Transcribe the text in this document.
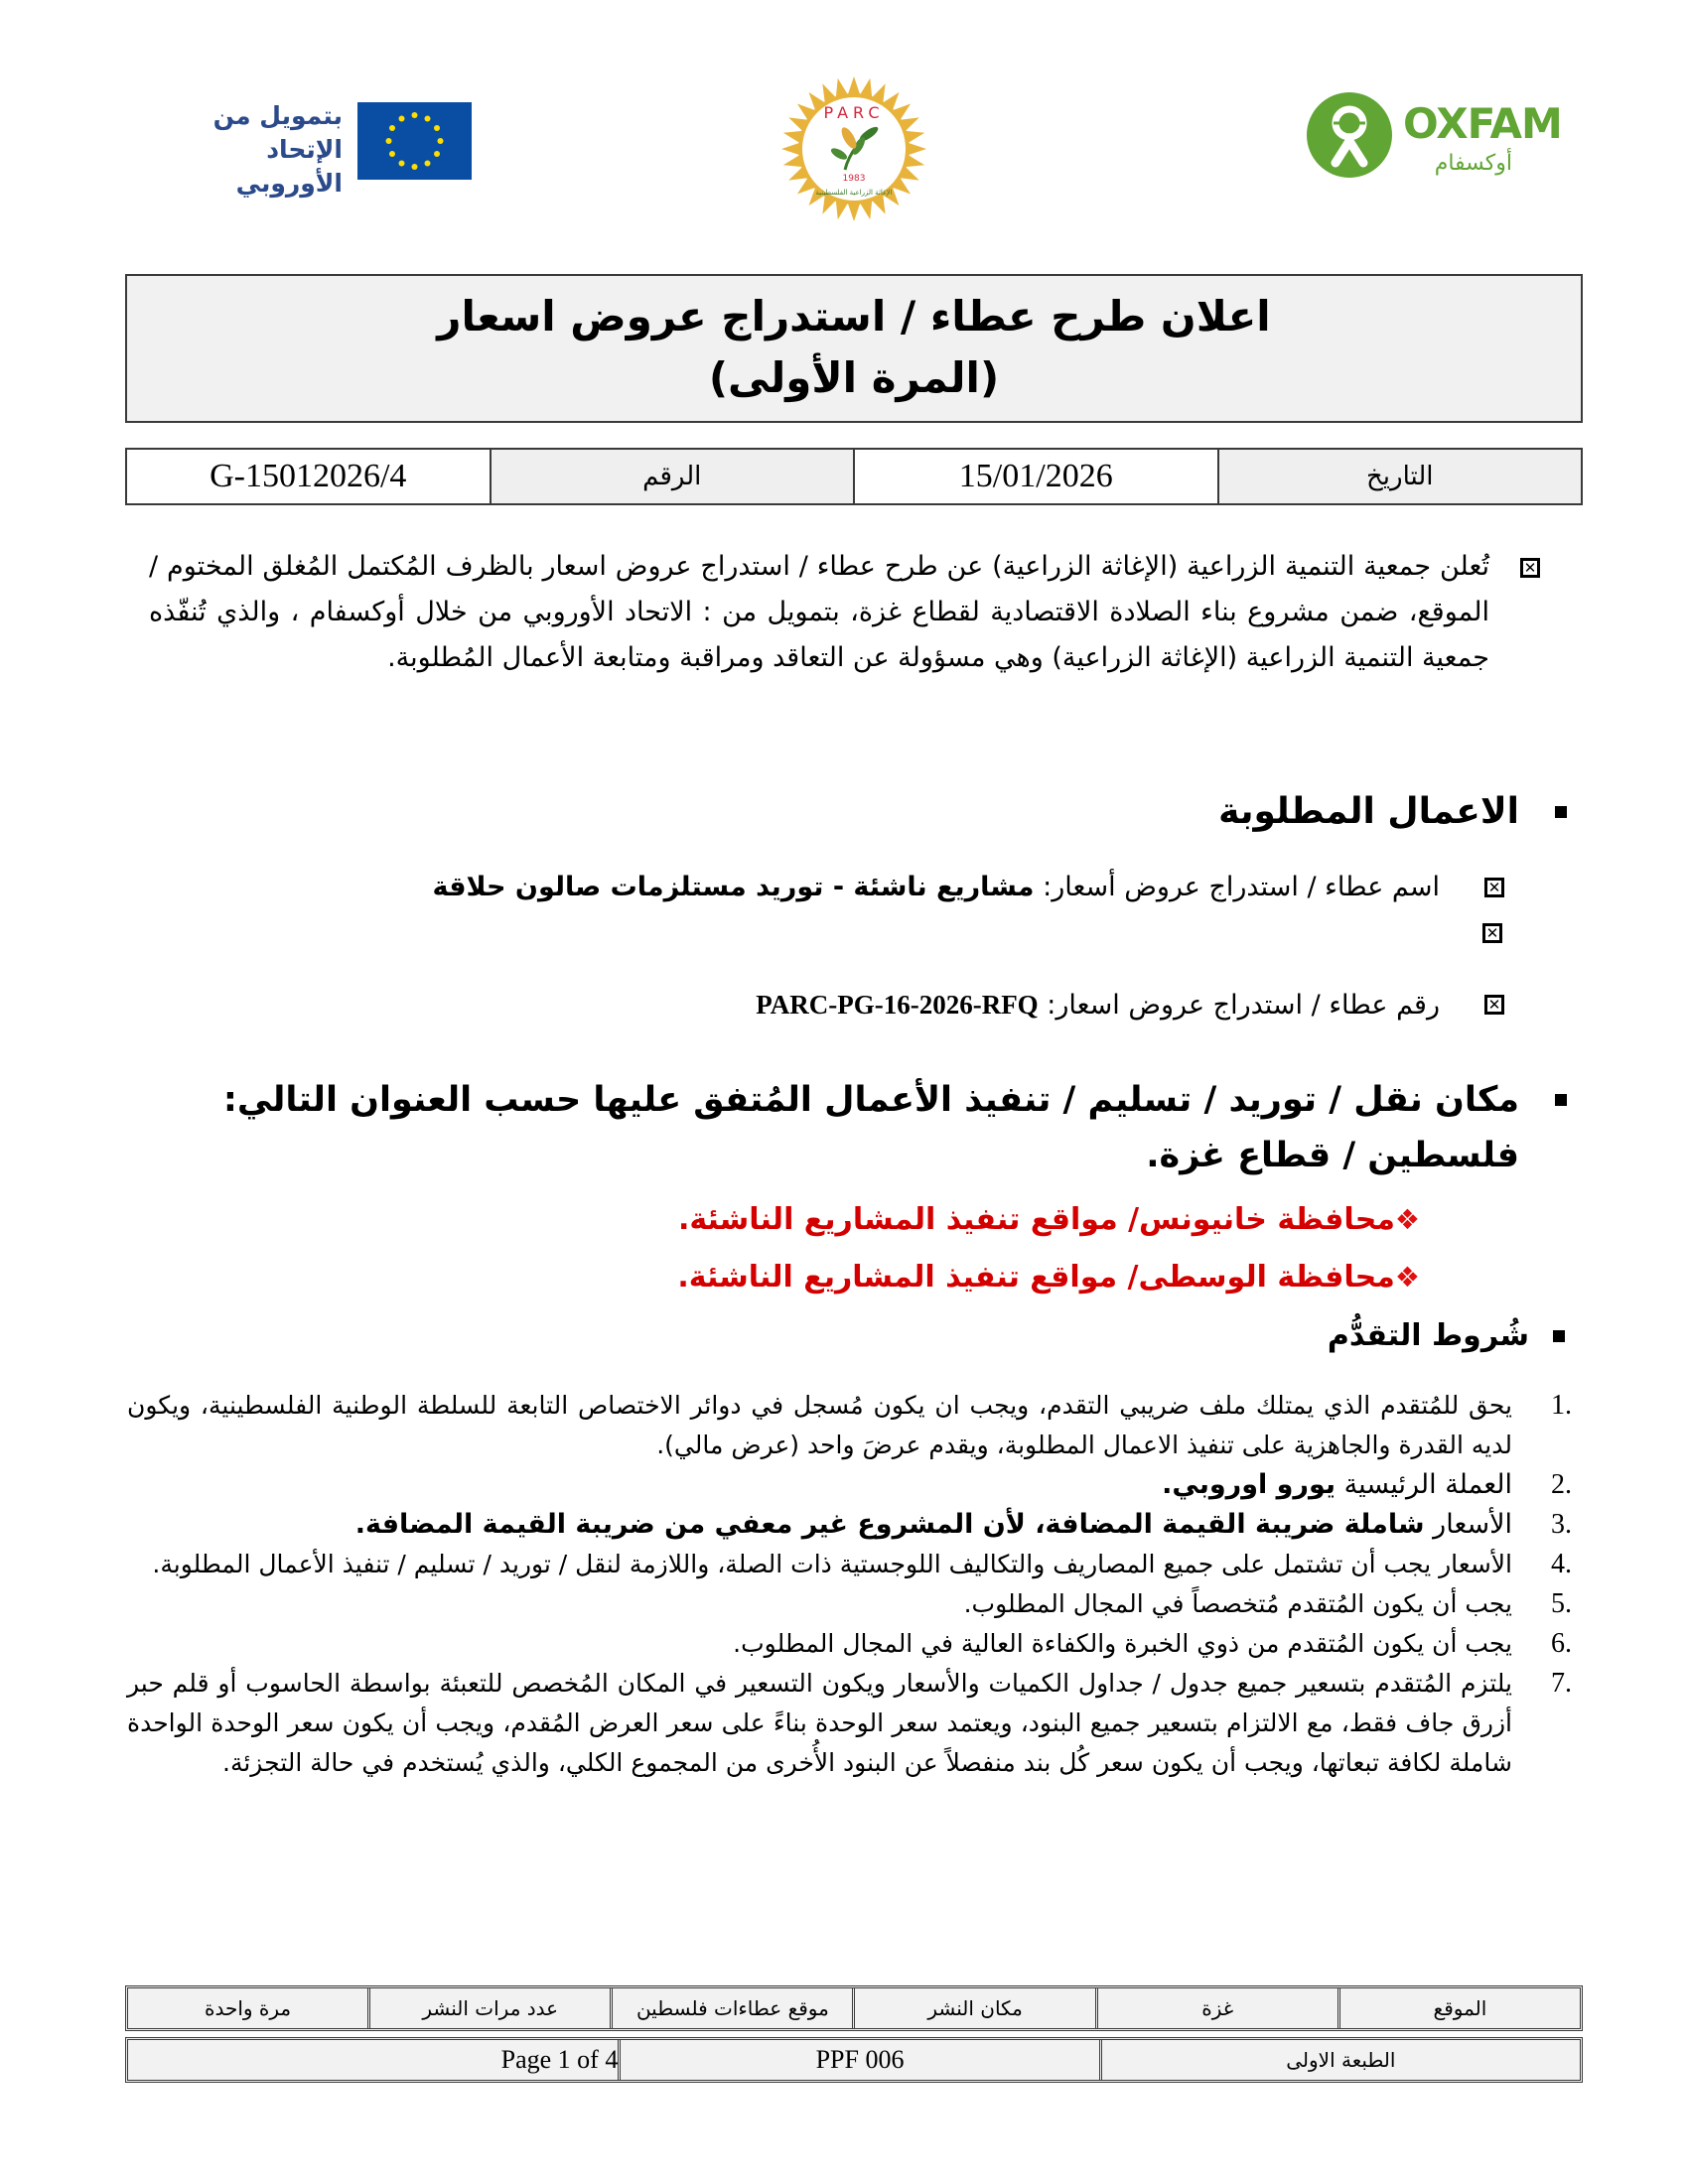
بتمويل من
الإتحاد الأوروبي
PARC
1983
الإغاثة الزراعية الفلسطينية
OXFAM
أوكسفام
اعلان طرح عطاء / استدراج عروض اسعار
(المرة الأولى)
التاريخ
15/01/2026
الرقم
G-15012026/4
✕

تُعلن جمعية التنمية الزراعية (الإغاثة الزراعية) عن طرح عطاء / استدراج عروض اسعار بالظرف المُكتمل المُغلق المختوم / الموقع، ضمن مشروع بناء الصلادة الاقتصادية لقطاع غزة، بتمويل من : الاتحاد الأوروبي من خلال أوكسفام ، والذي تُنفّذه جمعية التنمية الزراعية (الإغاثة الزراعية) وهي مسؤولة عن التعاقد ومراقبة ومتابعة الأعمال المُطلوبة.

الاعمال المطلوبة
✕
اسم عطاء / استدراج عروض أسعار: مشاريع ناشئة - توريد مستلزمات صالون حلاقة
✕
✕
رقم عطاء / استدراج عروض اسعار: PARC-PG-16-2026-RFQ
مكان نقل / توريد / تسليم / تنفيذ الأعمال المُتفق عليها حسب العنوان التالي:
فلسطين / قطاع غزة.
❖محافظة خانيونس/ مواقع تنفيذ المشاريع الناشئة.
❖محافظة الوسطى/ مواقع تنفيذ المشاريع الناشئة.
شُروط التقدُّم
1.
يحق للمُتقدم الذي يمتلك ملف ضريبي التقدم، ويجب ان يكون مُسجل في دوائر الاختصاص التابعة للسلطة الوطنية الفلسطينية، ويكون لديه القدرة والجاهزية على تنفيذ الاعمال المطلوبة، ويقدم عرضَ واحد (عرض مالي).
2.
العملة الرئيسية يورو اوروبي.
3.
الأسعار شاملة ضريبة القيمة المضافة، لأن المشروع غير معفي من ضريبة القيمة المضافة.
4.
الأسعار يجب أن تشتمل على جميع المصاريف والتكاليف اللوجستية ذات الصلة، واللازمة لنقل / توريد / تسليم / تنفيذ الأعمال المطلوبة.
5.
يجب أن يكون المُتقدم مُتخصصاً في المجال المطلوب.
6.
يجب أن يكون المُتقدم من ذوي الخبرة والكفاءة العالية في المجال المطلوب.
7.
يلتزم المُتقدم بتسعير جميع جدول / جداول الكميات والأسعار ويكون التسعير في المكان المُخصص للتعبئة بواسطة الحاسوب أو قلم حبر أزرق جاف فقط، مع الالتزام بتسعير جميع البنود، ويعتمد سعر الوحدة بناءً على سعر العرض المُقدم، ويجب أن يكون سعر الوحدة الواحدة شاملة لكافة تبعاتها، ويجب أن يكون سعر كُل بند منفصلاً عن البنود الأُخرى من المجموع الكلي، والذي يُستخدم في حالة التجزئة.
الموقع
غزة
مكان النشر
موقع عطاءات فلسطين
عدد مرات النشر
مرة واحدة
الطبعة الاولى
PPF 006
Page 1 of 4
